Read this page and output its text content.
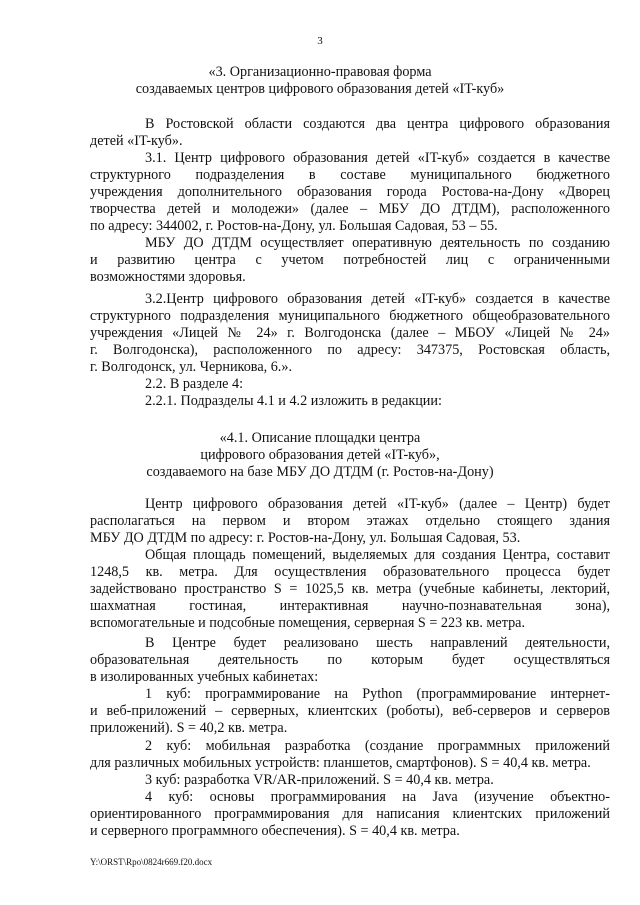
3
«3. Организационно-правовая форма
создаваемых центров цифрового образования детей «IT-куб»
В Ростовской области создаются два центра цифрового образования
детей «IT-куб».
3.1. Центр цифрового образования детей «IT-куб» создается в качестве
структурного подразделения в составе муниципального бюджетного
учреждения дополнительного образования города Ростова-на-Дону «Дворец
творчества детей и молодежи» (далее – МБУ ДО ДТДМ), расположенного
по адресу: 344002, г. Ростов-на-Дону, ул. Большая Садовая, 53 – 55.
МБУ ДО ДТДМ осуществляет оперативную деятельность по созданию
и развитию центра с учетом потребностей лиц с ограниченными
возможностями здоровья.
3.2.Центр цифрового образования детей «IT-куб» создается в качестве
структурного подразделения муниципального бюджетного общеобразовательного
учреждения «Лицей № 24» г. Волгодонска (далее – МБОУ «Лицей № 24»
г. Волгодонска), расположенного по адресу: 347375, Ростовская область,
г. Волгодонск, ул. Черникова, 6.».
2.2. В разделе 4:
2.2.1. Подразделы 4.1 и 4.2 изложить в редакции:
«4.1. Описание площадки центра
цифрового образования детей «IT-куб»,
создаваемого на базе МБУ ДО ДТДМ (г. Ростов-на-Дону)
Центр цифрового образования детей «IT-куб» (далее – Центр) будет
располагаться на первом и втором этажах отдельно стоящего здания
МБУ ДО ДТДМ по адресу: г. Ростов-на-Дону, ул. Большая Садовая, 53.
Общая площадь помещений, выделяемых для создания Центра, составит
1248,5 кв. метра. Для осуществления образовательного процесса будет
задействовано пространство S = 1025,5 кв. метра (учебные кабинеты, лекторий,
шахматная гостиная, интерактивная научно-познавательная зона),
вспомогательные и подсобные помещения, серверная S = 223 кв. метра.
В Центре будет реализовано шесть направлений деятельности,
образовательная деятельность по которым будет осуществляться
в изолированных учебных кабинетах:
1 куб: программирование на Python (программирование интернет-
и веб-приложений – серверных, клиентских (роботы), веб-серверов и серверов
приложений). S = 40,2 кв. метра.
2 куб: мобильная разработка (создание программных приложений
для различных мобильных устройств: планшетов, смартфонов). S = 40,4 кв. метра.
3 куб: разработка VR/AR-приложений. S = 40,4 кв. метра.
4 куб: основы программирования на Java (изучение объектно-
ориентированного программирования для написания клиентских приложений
и серверного программного обеспечения). S = 40,4 кв. метра.
Y:\ORST\Rpo\0824r669.f20.docx
